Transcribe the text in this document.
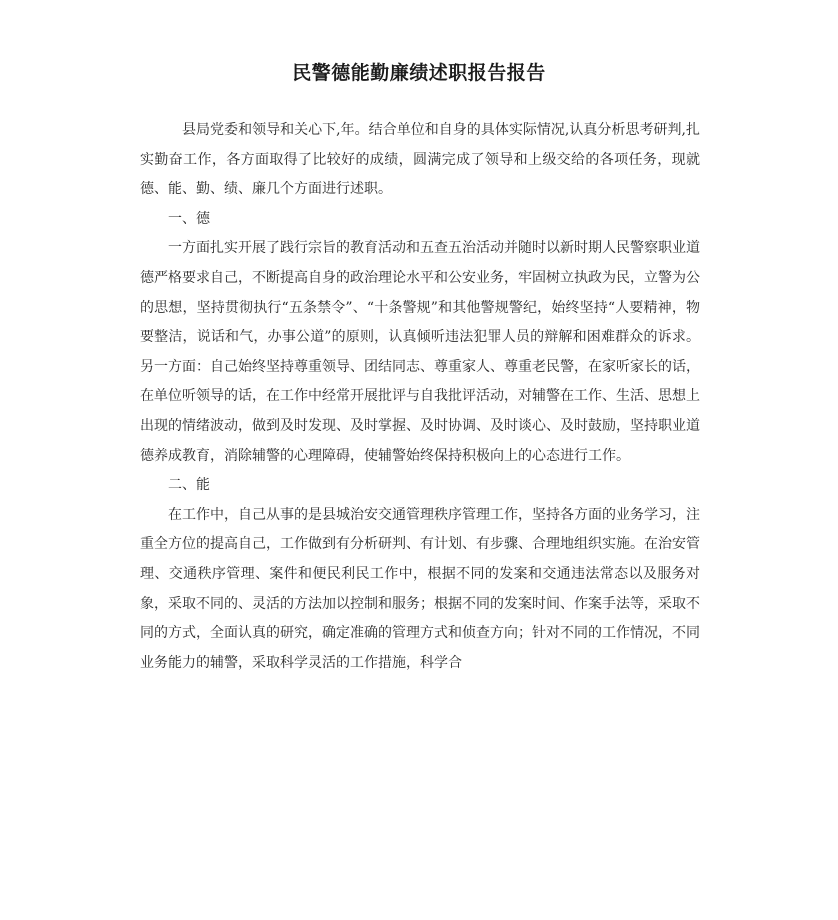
民警德能勤廉绩述职报告报告

县局党委和领导和关心下,年。结合单位和自身的具体实际情况,认真分析思考研判,扎实勤奋工作，各方面取得了比较好的成绩，圆满完成了领导和上级交给的各项任务，现就德、能、勤、绩、廉几个方面进行述职。

一、德

一方面扎实开展了践行宗旨的教育活动和五查五治活动并随时以新时期人民警察职业道德严格要求自己，不断提高自身的政治理论水平和公安业务，牢固树立执政为民，立警为公的思想，坚持贯彻执行“五条禁令”、“十条警规”和其他警规警纪，始终坚持“人要精神，物要整洁，说话和气，办事公道”的原则，认真倾听违法犯罪人员的辩解和困难群众的诉求。另一方面：自己始终坚持尊重领导、团结同志、尊重家人、尊重老民警，在家听家长的话，在单位听领导的话，在工作中经常开展批评与自我批评活动，对辅警在工作、生活、思想上出现的情绪波动，做到及时发现、及时掌握、及时协调、及时谈心、及时鼓励，坚持职业道德养成教育，消除辅警的心理障碍，使辅警始终保持积极向上的心态进行工作。

二、能

在工作中，自己从事的是县城治安交通管理秩序管理工作，坚持各方面的业务学习，注重全方位的提高自己，工作做到有分析研判、有计划、有步骤、合理地组织实施。在治安管理、交通秩序管理、案件和便民利民工作中，根据不同的发案和交通违法常态以及服务对象，采取不同的、灵活的方法加以控制和服务；根据不同的发案时间、作案手法等，采取不同的方式，全面认真的研究，确定准确的管理方式和侦查方向；针对不同的工作情况，不同业务能力的辅警，采取科学灵活的工作措施，科学合
